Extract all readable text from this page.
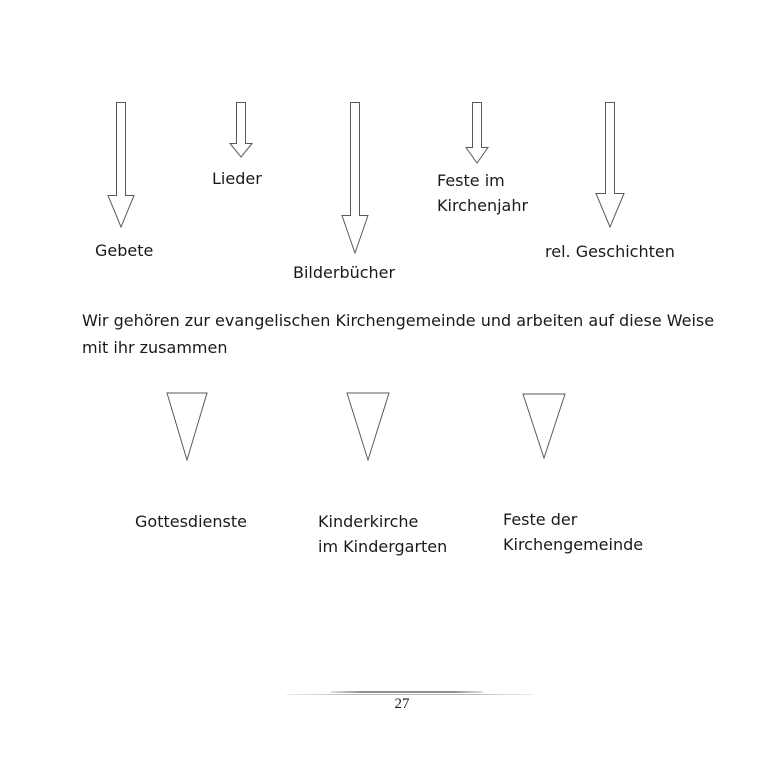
Gebete
Lieder
Bilderbücher
Feste im
Kirchenjahr
rel. Geschichten
Wir gehören zur evangelischen Kirchengemeinde und arbeiten auf diese Weise
mit ihr zusammen
Gottesdienste	Kinderkirche
im Kindergarten
Feste der
Kirchengemeinde
27
